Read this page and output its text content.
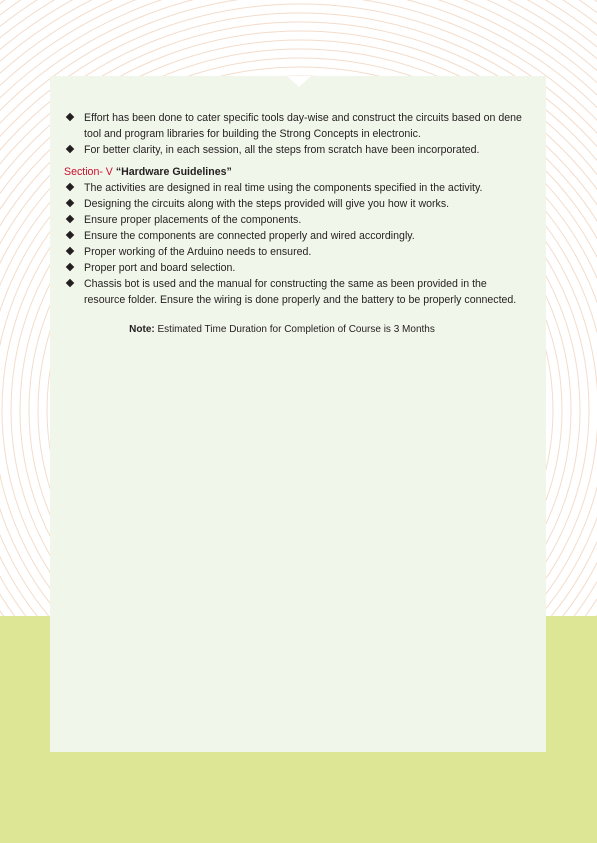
Effort has been done to cater specific tools day-wise and construct the circuits based on dene tool and program libraries for building the Strong Concepts in electronic.
For better clarity, in each session, all the steps from scratch have been incorporated.
Section- V “Hardware Guidelines”
The activities are designed in real time using the components specified in the activity.
Designing the circuits along with the steps provided will give you how it works.
Ensure proper placements of the components.
Ensure the components are connected properly and wired accordingly.
Proper working of the Arduino needs to ensured.
Proper port and board selection.
Chassis bot is used and the manual for constructing the same as been provided in the resource folder. Ensure the wiring is done properly and the battery to be properly connected.
Note: Estimated Time Duration for Completion of Course is 3 Months
